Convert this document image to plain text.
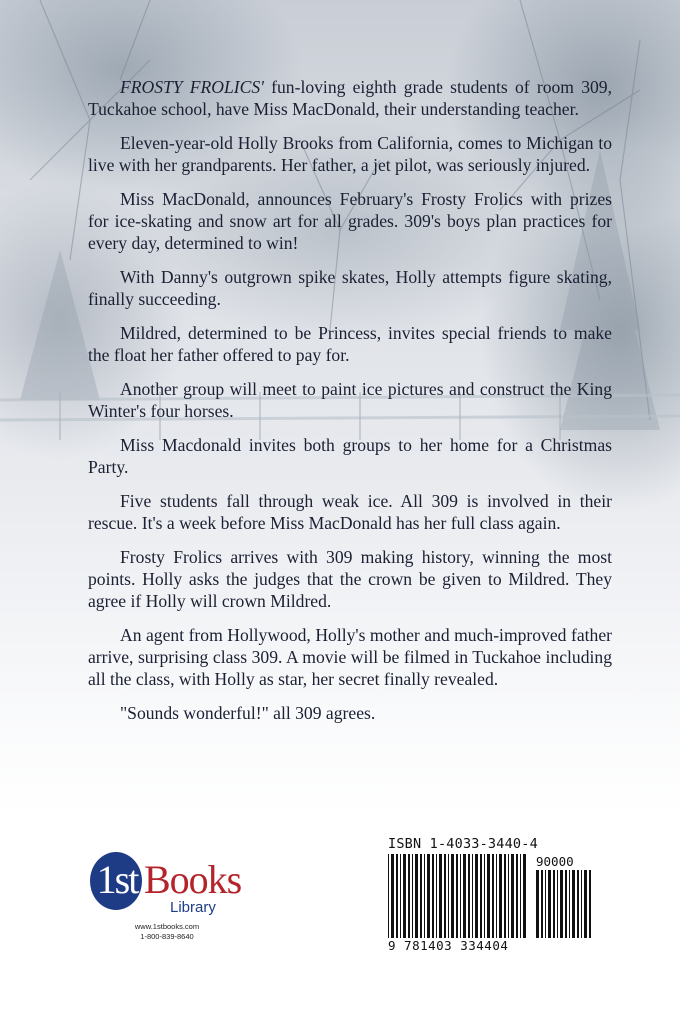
FROSTY FROLICS' fun-loving eighth grade students of room 309, Tuckahoe school, have Miss MacDonald, their understanding teacher.

Eleven-year-old Holly Brooks from California, comes to Michigan to live with her grandparents. Her father, a jet pilot, was seriously injured.

Miss MacDonald, announces February's Frosty Frolics with prizes for ice-skating and snow art for all grades. 309's boys plan practices for every day, determined to win!

With Danny's outgrown spike skates, Holly attempts figure skating, finally succeeding.

Mildred, determined to be Princess, invites special friends to make the float her father offered to pay for.

Another group will meet to paint ice pictures and construct the King Winter's four horses.

Miss Macdonald invites both groups to her home for a Christmas Party.

Five students fall through weak ice. All 309 is involved in their rescue. It's a week before Miss MacDonald has her full class again.

Frosty Frolics arrives with 309 making history, winning the most points. Holly asks the judges that the crown be given to Mildred. They agree if Holly will crown Mildred.

An agent from Hollywood, Holly's mother and much-improved father arrive, surprising class 309. A movie will be filmed in Tuckahoe including all the class, with Holly as star, her secret finally revealed.

"Sounds wonderful!" all 309 agrees.

1st Books
Library
www.1stbooks.com
1-800-839-8640
ISBN 1-4033-3440-4
90000
9 781403 334404
